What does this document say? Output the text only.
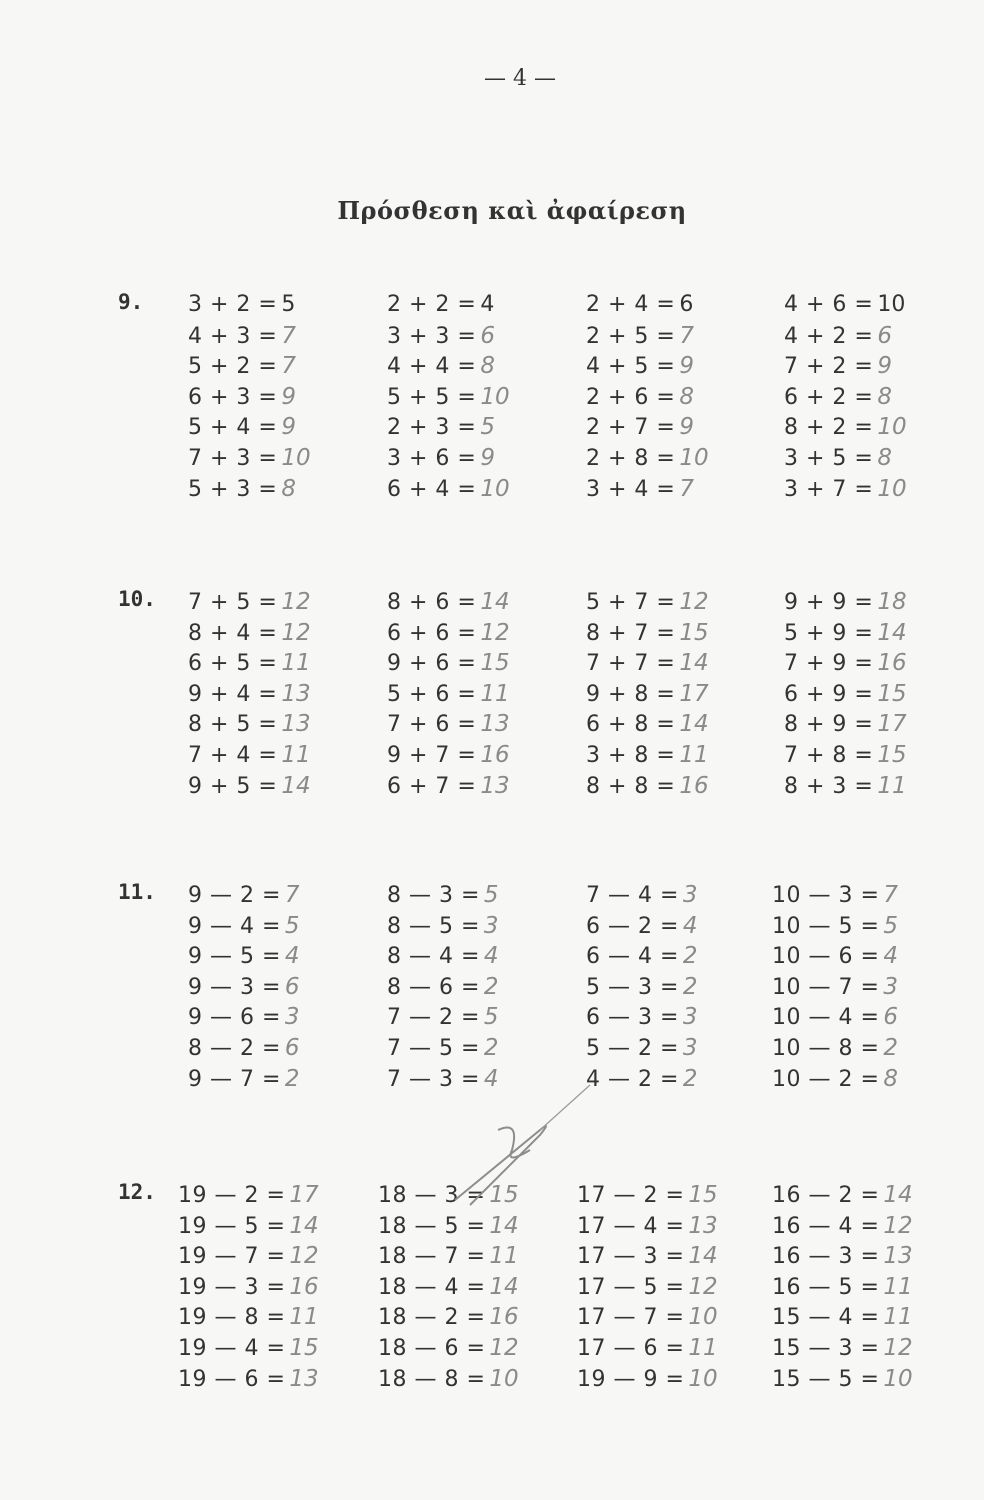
— 4 —
Πρόσθεση καὶ ἀφαίρεση
9. 3 + 2 = 5
4 + 3 = 7
5 + 2 = 7
6 + 3 = 9
5 + 4 = 9
7 + 3 = 10
5 + 3 = 8
2 + 2 = 4
3 + 3 = 6
4 + 4 = 8
5 + 5 = 10
2 + 3 = 5
3 + 6 = 9
6 + 4 = 10
2 + 4 = 6
2 + 5 = 7
4 + 5 = 9
2 + 6 = 8
2 + 7 = 9
2 + 8 = 10
3 + 4 = 7
4 + 6 = 10
4 + 2 = 6
7 + 2 = 9
6 + 2 = 8
8 + 2 = 10
3 + 5 = 8
3 + 7 = 10
10. 7 + 5 = 12
8 + 4 = 12
6 + 5 = 11
9 + 4 = 13
8 + 5 = 13
7 + 4 = 11
9 + 5 = 14
8 + 6 = 14
6 + 6 = 12
9 + 6 = 15
5 + 6 = 11
7 + 6 = 13
9 + 7 = 16
6 + 7 = 13
5 + 7 = 12
8 + 7 = 15
7 + 7 = 14
9 + 8 = 17
6 + 8 = 14
3 + 8 = 11
8 + 8 = 16
9 + 9 = 18
5 + 9 = 14
7 + 9 = 16
6 + 9 = 15
8 + 9 = 17
7 + 8 = 15
8 + 3 = 11
11. 9 — 2 = 7
9 — 4 = 5
9 — 5 = 4
9 — 3 = 6
9 — 6 = 3
8 — 2 = 6
9 — 7 = 2
8 — 3 = 5
8 — 5 = 3
8 — 4 = 4
8 — 6 = 2
7 — 2 = 5
7 — 5 = 2
7 — 3 = 4
7 — 4 = 3
6 — 2 = 4
6 — 4 = 2
5 — 3 = 2
6 — 3 = 3
5 — 2 = 3
4 — 2 = 2
10 — 3 = 7
10 — 5 = 5
10 — 6 = 4
10 — 7 = 3
10 — 4 = 6
10 — 8 = 2
10 — 2 = 8
12. 19 — 2 = 17
19 — 5 = 14
19 — 7 = 12
19 — 3 = 16
19 — 8 = 11
19 — 4 = 15
19 — 6 = 13
18 — 3 = 15
18 — 5 = 14
18 — 7 = 11
18 — 4 = 14
18 — 2 = 16
18 — 6 = 12
18 — 8 = 10
17 — 2 = 15
17 — 4 = 13
17 — 3 = 14
17 — 5 = 12
17 — 7 = 10
17 — 6 = 11
19 — 9 = 10
16 — 2 = 14
16 — 4 = 12
16 — 3 = 13
16 — 5 = 11
15 — 4 = 11
15 — 3 = 12
15 — 5 = 10
